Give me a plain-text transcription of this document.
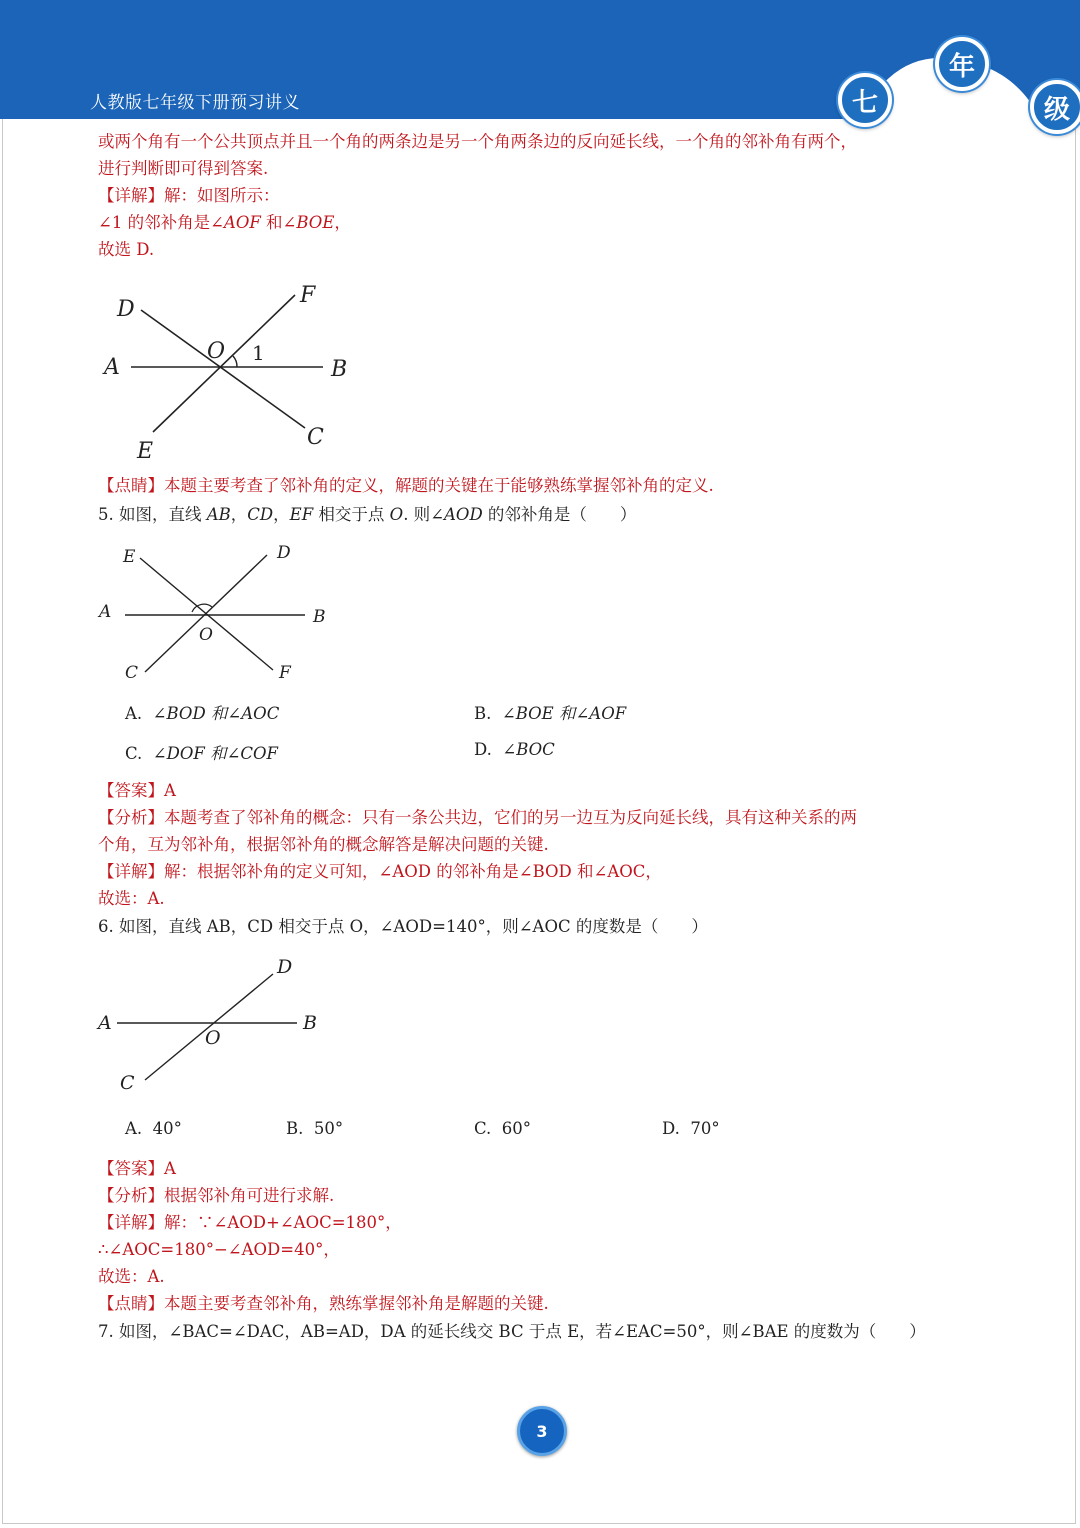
人教版七年级下册预习讲义	七
年
级
或两个角有一个公共顶点并且一个角的两条边是另一个角两条边的反向延长线，一个角的邻补角有两个，
进行判断即可得到答案.
【详解】解：如图所示：
∠1 的邻补角是∠AOF 和∠BOE，
故选 D.
D
F
O 1
A	B
E
C
【点睛】本题主要考查了邻补角的定义，解题的关键在于能够熟练掌握邻补角的定义.
5. 如图，直线 AB，CD，EF 相交于点 O. 则∠AOD 的邻补角是（　　）
E	D
A	B
O
C	F
A. ∠BOD 和∠AOC	B. ∠BOE 和∠AOF
C. ∠DOF 和∠COF	D. ∠BOC
【答案】A
【分析】本题考查了邻补角的概念：只有一条公共边，它们的另一边互为反向延长线，具有这种关系的两
个角，互为邻补角，根据邻补角的概念解答是解决问题的关键.
【详解】解：根据邻补角的定义可知，∠AOD 的邻补角是∠BOD 和∠AOC，
故选：A.
6. 如图，直线 AB，CD 相交于点 O，∠AOD=140°，则∠AOC 的度数是（　　）
D
A	B
O
C
A. 40°	B. 50°	C. 60°	D. 70°
【答案】A
【分析】根据邻补角可进行求解.
【详解】解：∵∠AOD+∠AOC=180°，
∴∠AOC=180°−∠AOD=40°，
故选：A.
【点睛】本题主要考查邻补角，熟练掌握邻补角是解题的关键.
7. 如图，∠BAC=∠DAC，AB=AD，DA 的延长线交 BC 于点 E，若∠EAC=50°，则∠BAE 的度数为（　　）
3
